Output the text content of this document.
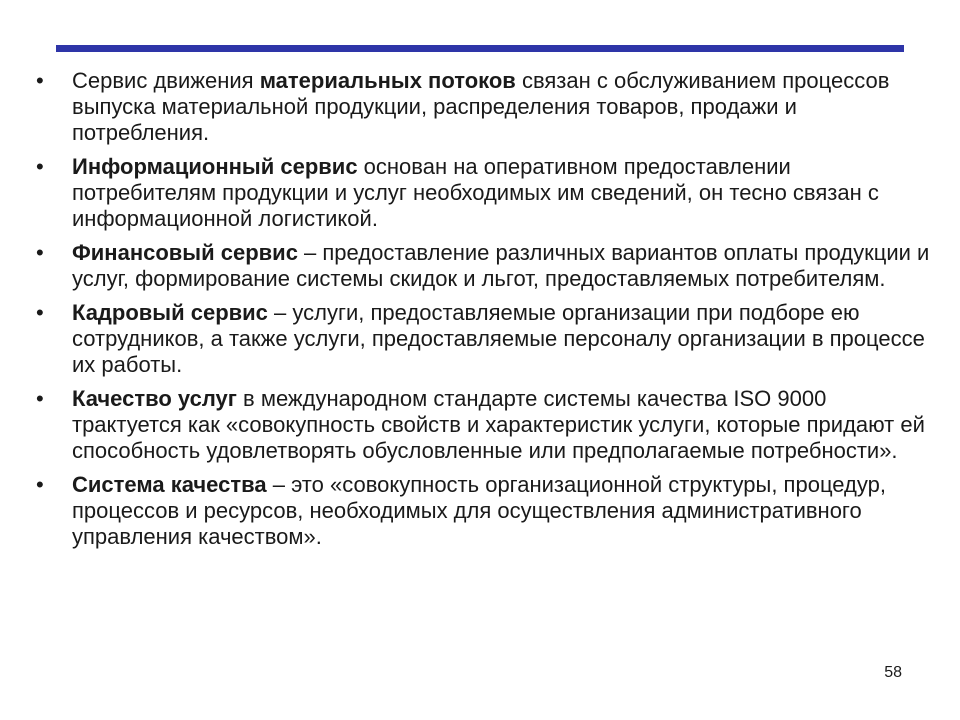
• Сервис движения материальных потоков связан с обслуживанием процессов выпуска материальной продукции, распределения товаров, продажи и потребления.
• Информационный сервис основан на оперативном предоставлении потребителям продукции и услуг необходимых им сведений, он тесно связан с информационной логистикой.
• Финансовый сервис – предоставление различных вариантов оплаты продукции и услуг, формирование системы скидок и льгот, предоставляемых потребителям.
• Кадровый сервис – услуги, предоставляемые организации при подборе ею сотрудников, а также услуги, предоставляемые персоналу организации в процессе их работы.
• Качество услуг в международном стандарте системы качества ISO 9000 трактуется как «совокупность свойств и характеристик услуги, которые придают ей способность удовлетворять обусловленные или предполагаемые потребности».
• Система качества – это «совокупность организационной структуры, процедур, процессов и ресурсов, необходимых для осуществления административного управления качеством».
58
